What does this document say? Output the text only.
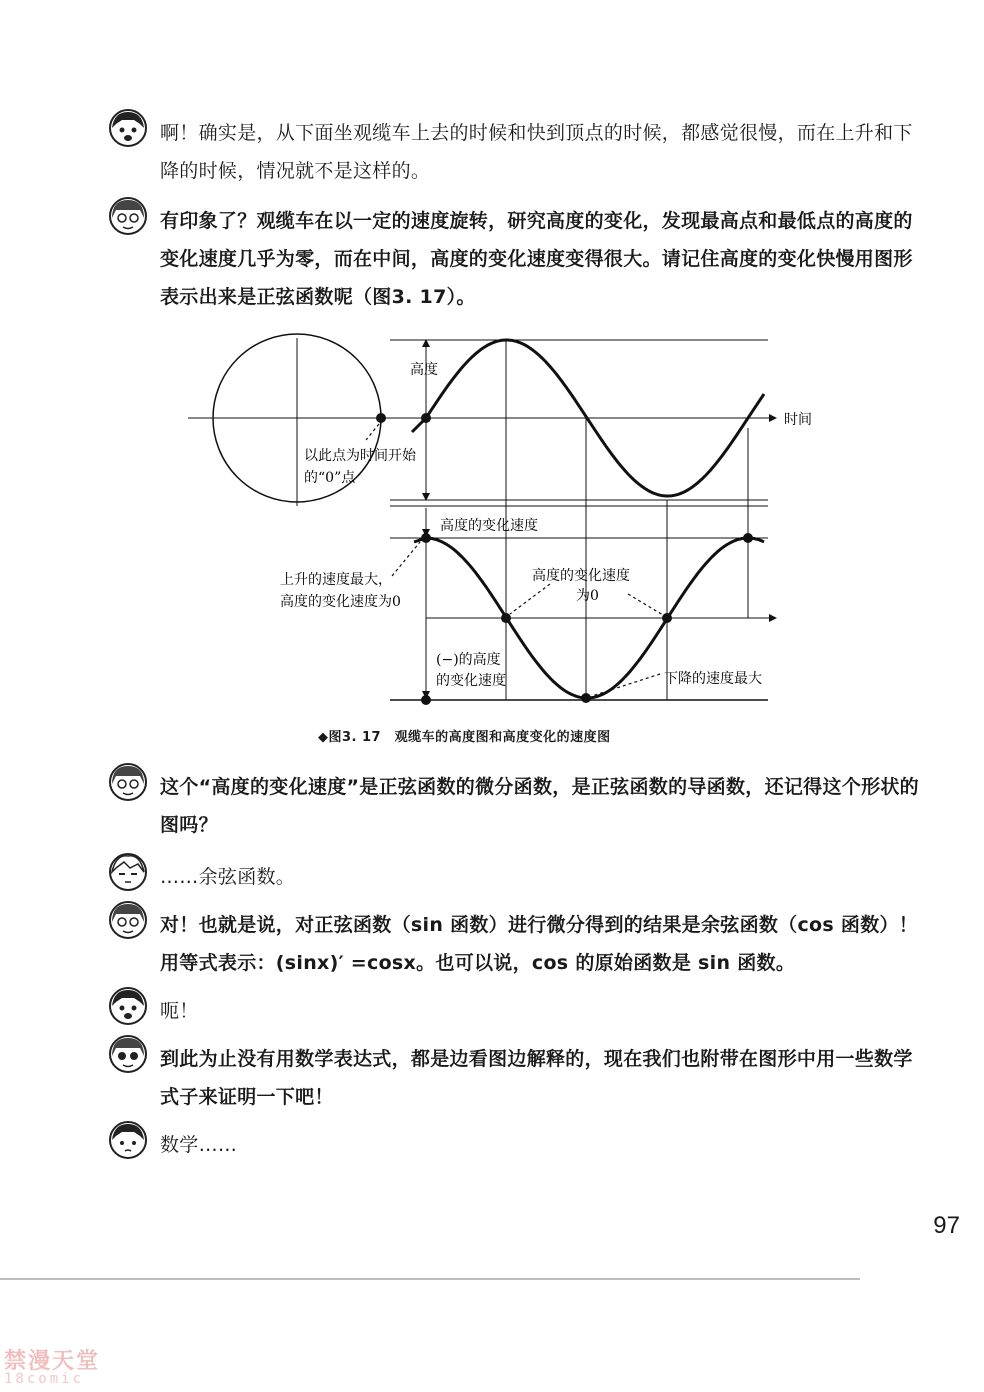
啊！确实是，从下面坐观缆车上去的时候和快到顶点的时候，都感觉很慢，而在上升和下降的时候，情况就不是这样的。
有印象了？观缆车在以一定的速度旋转，研究高度的变化，发现最高点和最低点的高度的变化速度几乎为零，而在中间，高度的变化速度变得很大。请记住高度的变化快慢用图形表示出来是正弦函数呢（图3. 17）。
高度
时间
以此点为时间开始
的“0”点
高度的变化速度
上升的速度最大，
高度的变化速度为0
高度的变化速度
为0
(−)的高度
的变化速度	下降的速度最大
◆图3. 17　观缆车的高度图和高度变化的速度图
这个“高度的变化速度”是正弦函数的微分函数，是正弦函数的导函数，还记得这个形状的图吗？
……余弦函数。
对！也就是说，对正弦函数（sin 函数）进行微分得到的结果是余弦函数（cos 函数）！用等式表示：(sinx)′ =cosx。也可以说，cos 的原始函数是 sin 函数。
呃！
到此为止没有用数学表达式，都是边看图边解释的，现在我们也附带在图形中用一些数学式子来证明一下吧！
数学……
97
禁漫天堂
18comic
